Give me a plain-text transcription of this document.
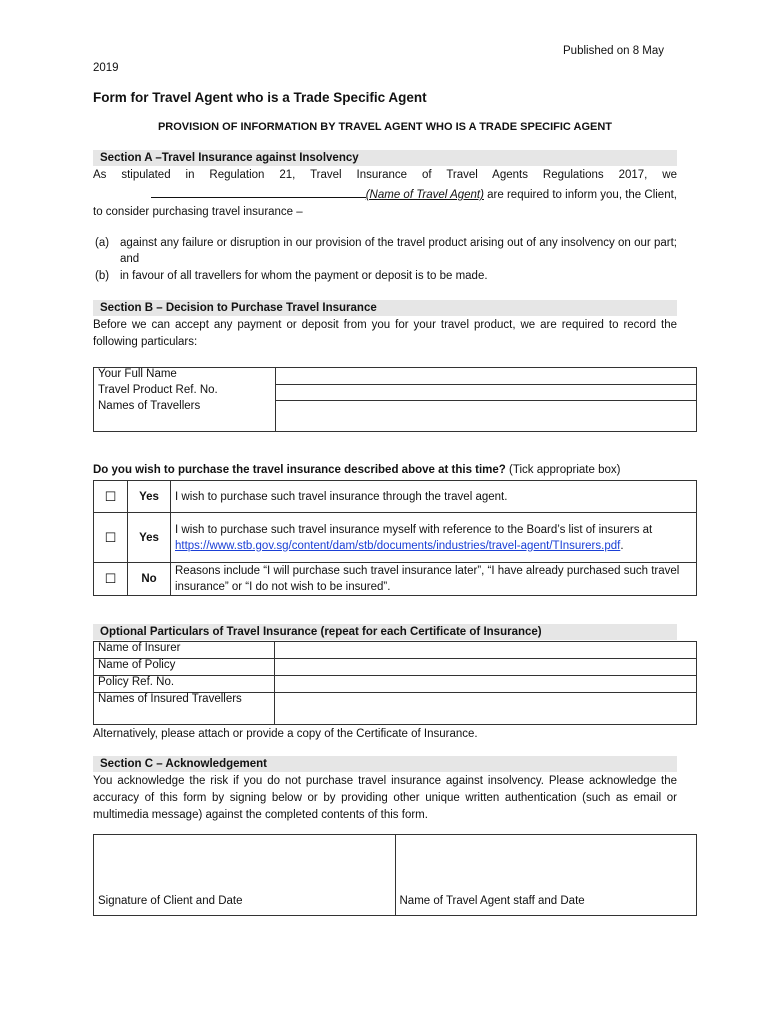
Published on 8 May
2019
Form for Travel Agent who is a Trade Specific Agent
PROVISION OF INFORMATION BY TRAVEL AGENT WHO IS A TRADE SPECIFIC AGENT
Section A –Travel Insurance against Insolvency
As stipulated in Regulation 21, Travel Insurance of Travel Agents Regulations 2017, we
(Name of Travel Agent) are required to inform you, the Client,
to consider purchasing travel insurance –
(a) against any failure or disruption in our provision of the travel product arising out of any insolvency on our part; and
(b) in favour of all travellers for whom the payment or deposit is to be made.
Section B – Decision to Purchase Travel Insurance
Before we can accept any payment or deposit from you for your travel product, we are required to record the following particulars:
Your Full Name	
Travel Product Ref. No.	
Names of Travellers	
Do you wish to purchase the travel insurance described above at this time? (Tick appropriate box)
☐	Yes	I wish to purchase such travel insurance through the travel agent.
☐	Yes	I wish to purchase such travel insurance myself with reference to the Board’s list of insurers at https://www.stb.gov.sg/content/dam/stb/documents/industries/travel-agent/TInsurers.pdf.
☐	No	Reasons include “I will purchase such travel insurance later”, “I have already purchased such travel insurance” or “I do not wish to be insured”.
Optional Particulars of Travel Insurance (repeat for each Certificate of Insurance)
Name of Insurer	
Name of Policy	
Policy Ref. No.	
Names of Insured Travellers	
Alternatively, please attach or provide a copy of the Certificate of Insurance.
Section C – Acknowledgement
You acknowledge the risk if you do not purchase travel insurance against insolvency. Please acknowledge the accuracy of this form by signing below or by providing other unique written authentication (such as email or multimedia message) against the completed contents of this form.
Signature of Client and Date	Name of Travel Agent staff and Date
